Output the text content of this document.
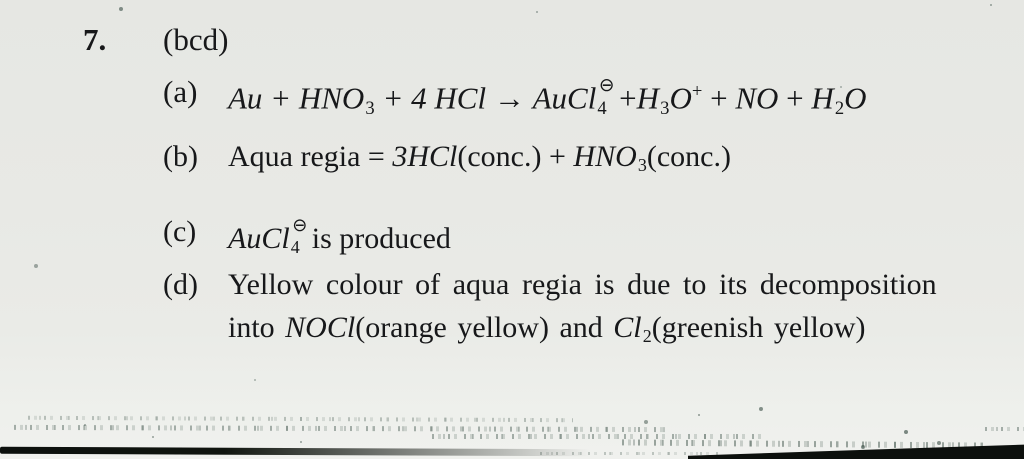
7. (bcd)
(a) $Au + HNO_3 + 4$ HCl → AuCl$_4$⊖ $+H_3O^+$ + NO + $H_2O$
(b)	Aqua regia = 3HCl(conc.) + $HNO_3(conc.)$
(c)	AuCl$_4$⊖ is produced
(d)	Yellow colour of aqua regia is due to its decomposition
into NOCl(orange yellow) and $Cl_2(greenish$ yellow)
